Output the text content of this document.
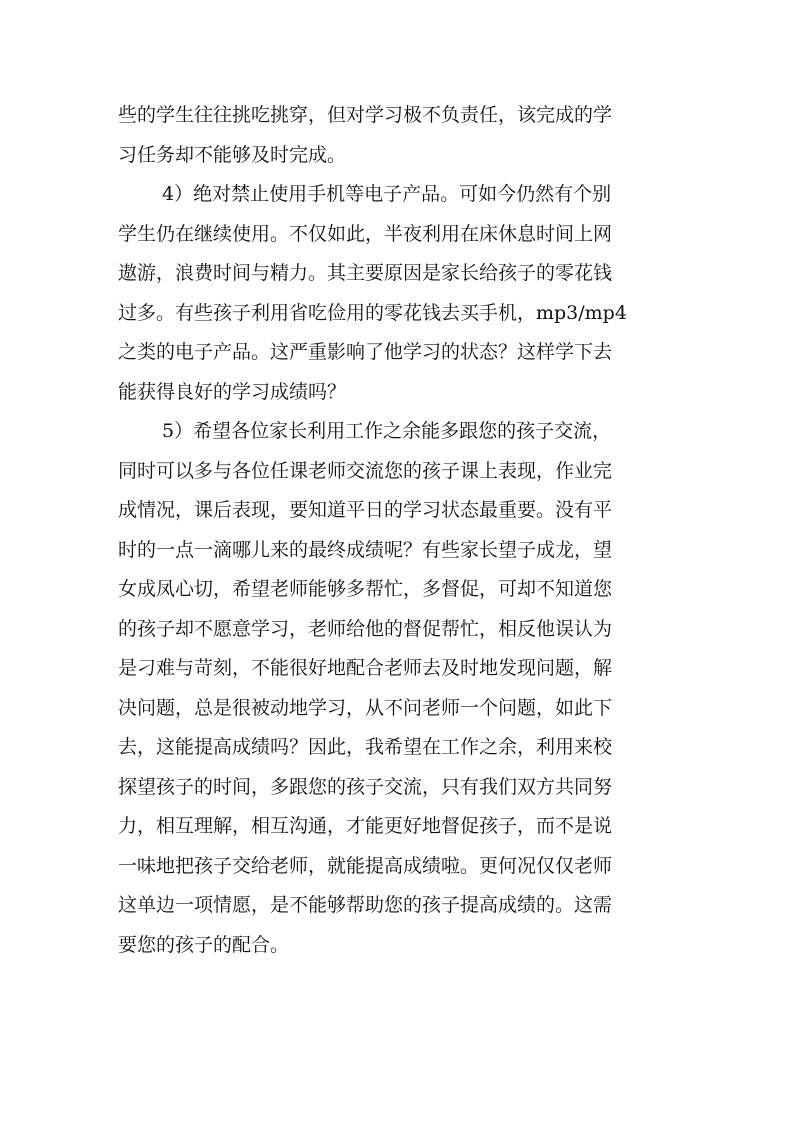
些的学生往往挑吃挑穿，但对学习极不负责任，该完成的学
习任务却不能够及时完成。
4）绝对禁止使用手机等电子产品。可如今仍然有个别
学生仍在继续使用。不仅如此，半夜利用在床休息时间上网
遨游，浪费时间与精力。其主要原因是家长给孩子的零花钱
过多。有些孩子利用省吃俭用的零花钱去买手机，mp3/mp4
之类的电子产品。这严重影响了他学习的状态？这样学下去
能获得良好的学习成绩吗？
5）希望各位家长利用工作之余能多跟您的孩子交流，
同时可以多与各位任课老师交流您的孩子课上表现，作业完
成情况，课后表现，要知道平日的学习状态最重要。没有平
时的一点一滴哪儿来的最终成绩呢？有些家长望子成龙，望
女成凤心切，希望老师能够多帮忙，多督促，可却不知道您
的孩子却不愿意学习，老师给他的督促帮忙，相反他误认为
是刁难与苛刻，不能很好地配合老师去及时地发现问题，解
决问题，总是很被动地学习，从不问老师一个问题，如此下
去，这能提高成绩吗？因此，我希望在工作之余，利用来校
探望孩子的时间，多跟您的孩子交流，只有我们双方共同努
力，相互理解，相互沟通，才能更好地督促孩子，而不是说
一味地把孩子交给老师，就能提高成绩啦。更何况仅仅老师
这单边一项情愿，是不能够帮助您的孩子提高成绩的。这需
要您的孩子的配合。
